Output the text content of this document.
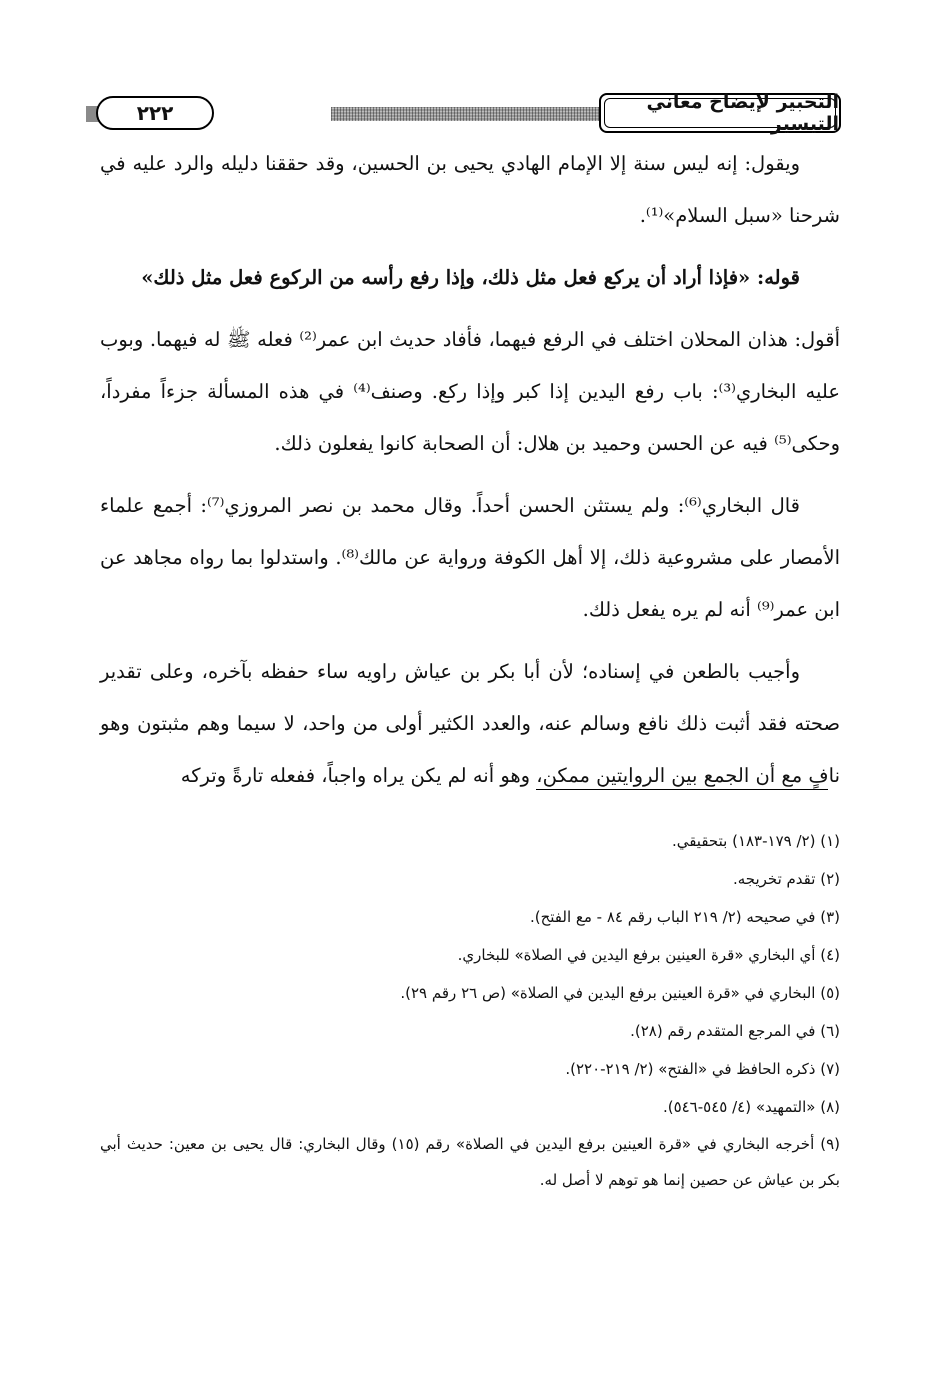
٢٢٢	التحبير لإيضاح معاني التيسير

ويقول: إنه ليس سنة إلا الإمام الهادي يحيى بن الحسين، وقد حققنا دليله والرد عليه في شرحنا «سبل السلام»⁽¹⁾.

قوله: «فإذا أراد أن يركع فعل مثل ذلك، وإذا رفع رأسه من الركوع فعل مثل ذلك»

أقول: هذان المحلان اختلف في الرفع فيهما، فأفاد حديث ابن عمر⁽²⁾ فعله ﷺ له فيهما. وبوب عليه البخاري⁽³⁾: باب رفع اليدين إذا كبر وإذا ركع. وصنف⁽⁴⁾ في هذه المسألة جزءاً مفرداً، وحكى⁽⁵⁾ فيه عن الحسن وحميد بن هلال: أن الصحابة كانوا يفعلون ذلك.

قال البخاري⁽⁶⁾: ولم يستثن الحسن أحداً. وقال محمد بن نصر المروزي⁽⁷⁾: أجمع علماء الأمصار على مشروعية ذلك، إلا أهل الكوفة ورواية عن مالك⁽⁸⁾. واستدلوا بما رواه مجاهد عن ابن عمر⁽⁹⁾ أنه لم يره يفعل ذلك.

وأجيب بالطعن في إسناده؛ لأن أبا بكر بن عياش راويه ساء حفظه بآخره، وعلى تقدير صحته فقد أثبت ذلك نافع وسالم عنه، والعدد الكثير أولى من واحد، لا سيما وهم مثبتون وهو نافٍ مع أن الجمع بين الروايتين ممكن، وهو أنه لم يكن يراه واجباً، ففعله تارةً وتركه

(١) (٢/ ١٧٩-١٨٣) بتحقيقي.
(٢) تقدم تخريجه.
(٣) في صحيحه (٢/ ٢١٩ الباب رقم ٨٤ - مع الفتح).
(٤) أي البخاري «قرة العينين برفع اليدين في الصلاة» للبخاري.
(٥) البخاري في «قرة العينين برفع اليدين في الصلاة» (ص ٢٦ رقم ٢٩).
(٦) في المرجع المتقدم رقم (٢٨).
(٧) ذكره الحافظ في «الفتح» (٢/ ٢١٩-٢٢٠).
(٨) «التمهيد» (٤/ ٥٤٥-٥٤٦).
(٩) أخرجه البخاري في «قرة العينين برفع اليدين في الصلاة» رقم (١٥) وقال البخاري: قال يحيى بن معين: حديث أبي بكر بن عياش عن حصين إنما هو توهم لا أصل له.
